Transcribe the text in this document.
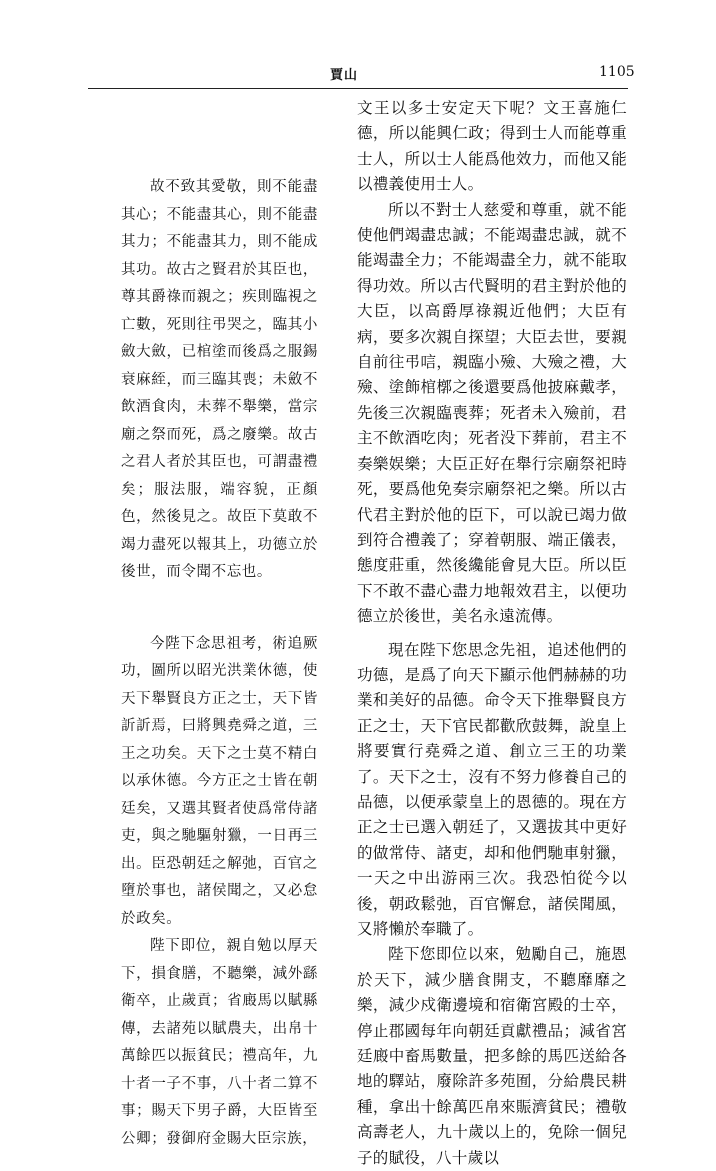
賈山	1105

故不致其愛敬，則不能盡其心；不能盡其心，則不能盡其力；不能盡其力，則不能成其功。故古之賢君於其臣也，尊其爵祿而親之；疾則臨視之亡數，死則往弔哭之，臨其小斂大斂，已棺塗而後爲之服錫衰麻絰，而三臨其喪；未斂不飲酒食肉，未葬不舉樂，當宗廟之祭而死，爲之廢樂。故古之君人者於其臣也，可謂盡禮矣；服法服，端容貌，正顏色，然後見之。故臣下莫敢不竭力盡死以報其上，功德立於後世，而令聞不忘也。

今陛下念思祖考，術追厥功，圖所以昭光洪業休德，使天下舉賢良方正之士，天下皆訢訢焉，曰將興堯舜之道，三王之功矣。天下之士莫不精白以承休德。今方正之士皆在朝廷矣，又選其賢者使爲常侍諸吏，與之馳驅射獵，一日再三出。臣恐朝廷之解弛，百官之墮於事也，諸侯聞之，又必怠於政矣。

陛下即位，親自勉以厚天下，損食膳，不聽樂，減外繇衛卒，止歲貢；省廄馬以賦縣傳，去諸苑以賦農夫，出帛十萬餘匹以振貧民；禮高年，九十者一子不事，八十者二算不事；賜天下男子爵，大臣皆至公卿；發御府金賜大臣宗族，

文王以多士安定天下呢？文王喜施仁德，所以能興仁政；得到士人而能尊重士人，所以士人能爲他效力，而他又能以禮義使用士人。

所以不對士人慈愛和尊重，就不能使他們竭盡忠誠；不能竭盡忠誠，就不能竭盡全力；不能竭盡全力，就不能取得功效。所以古代賢明的君主對於他的大臣，以高爵厚祿親近他們；大臣有病，要多次親自探望；大臣去世，要親自前往弔唁，親臨小殮、大殮之禮，大殮、塗飾棺槨之後還要爲他披麻戴孝，先後三次親臨喪葬；死者未入殮前，君主不飲酒吃肉；死者没下葬前，君主不奏樂娱樂；大臣正好在舉行宗廟祭祀時死，要爲他免奏宗廟祭祀之樂。所以古代君主對於他的臣下，可以說已竭力做到符合禮義了；穿着朝服、端正儀表，態度莊重，然後纔能會見大臣。所以臣下不敢不盡心盡力地報效君主，以便功德立於後世，美名永遠流傳。

現在陛下您思念先祖，追述他們的功德，是爲了向天下顯示他們赫赫的功業和美好的品德。命令天下推舉賢良方正之士，天下官民都歡欣鼓舞，說皇上將要實行堯舜之道、創立三王的功業了。天下之士，沒有不努力修養自己的品德，以便承蒙皇上的恩德的。現在方正之士已選入朝廷了，又選拔其中更好的做常侍、諸吏，却和他們馳車射獵，一天之中出游兩三次。我恐怕從今以後，朝政鬆弛，百官懈怠，諸侯聞風，又將懶於奉職了。

陛下您即位以來，勉勵自己，施恩於天下，減少膳食開支，不聽靡靡之樂，減少戍衛邊境和宿衛宮殿的士卒，停止郡國每年向朝廷貢獻禮品；減省宮廷廄中畜馬數量，把多餘的馬匹送給各地的驛站，廢除許多苑囿，分給農民耕種，拿出十餘萬匹帛來賑濟貧民；禮敬高壽老人，九十歲以上的，免除一個兒子的賦役，八十歲以
